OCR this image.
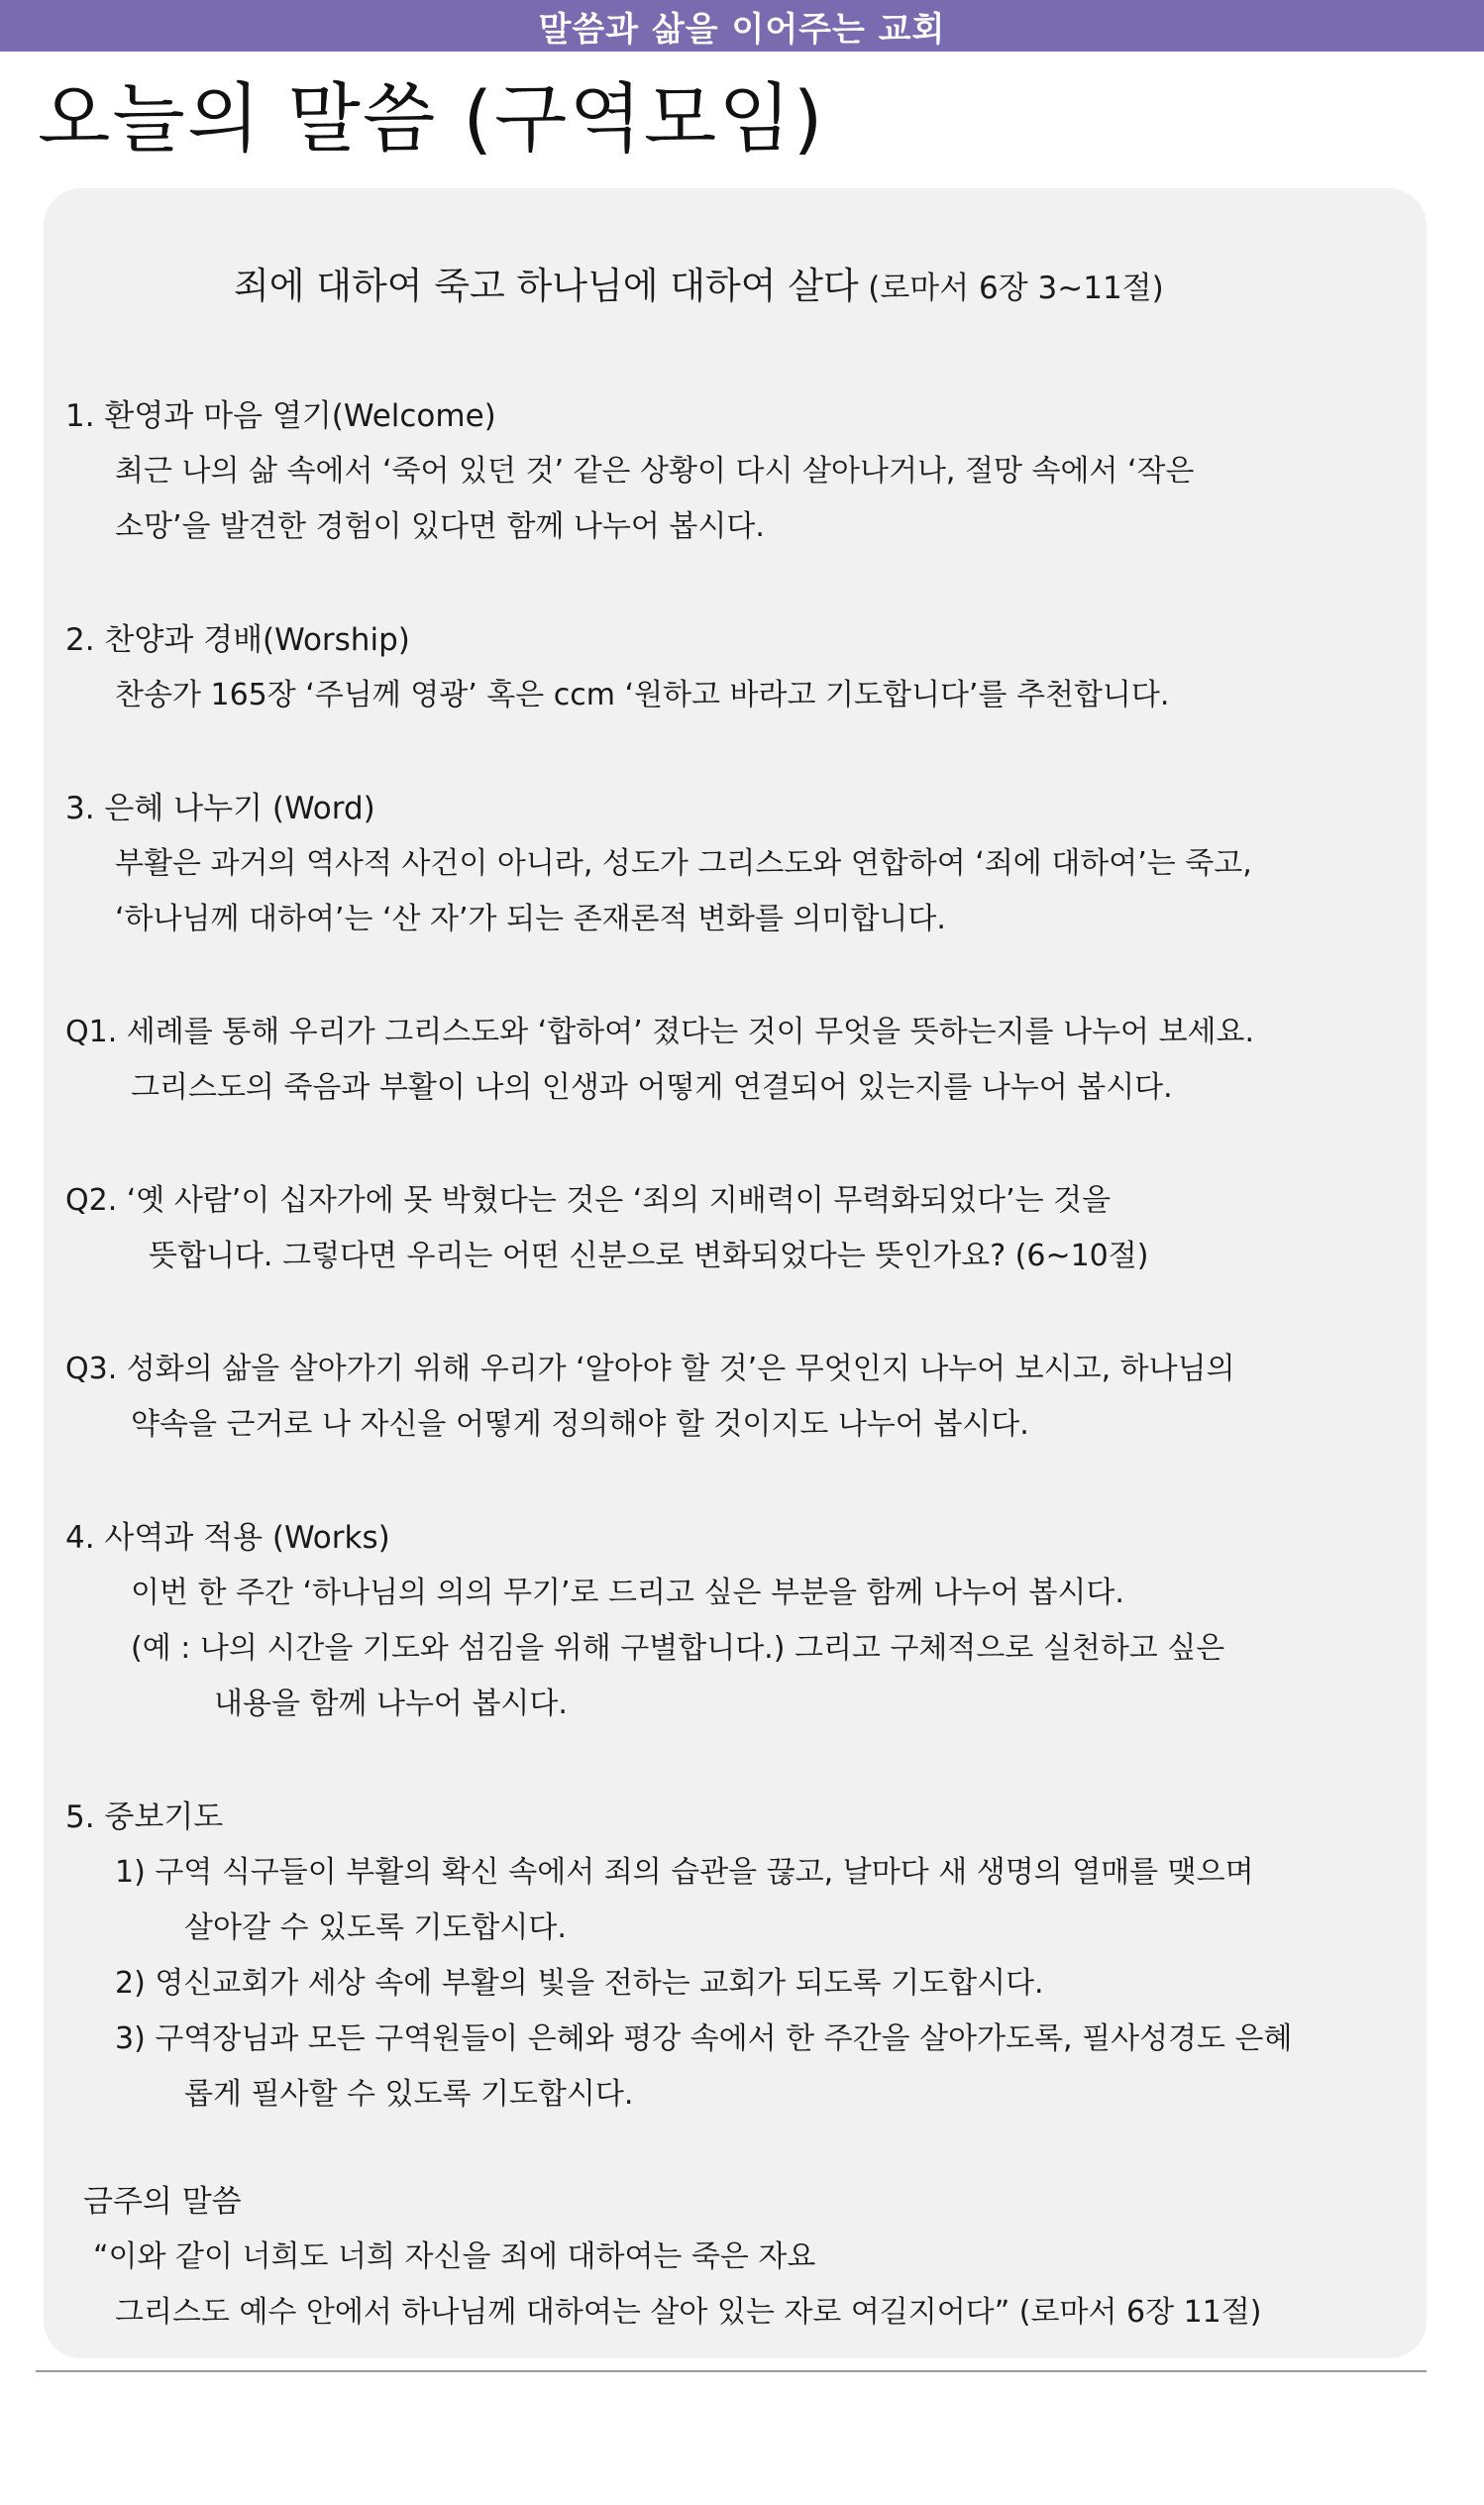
말씀과 삶을 이어주는 교회
오늘의 말씀 (구역모임)
죄에 대하여 죽고 하나님에 대하여 살다 (로마서 6장 3~11절)
1. 환영과 마음 열기(Welcome)
최근 나의 삶 속에서 ‘죽어 있던 것’ 같은 상황이 다시 살아나거나, 절망 속에서 ‘작은
소망’을 발견한 경험이 있다면 함께 나누어 봅시다.
2. 찬양과 경배(Worship)
찬송가 165장 ‘주님께 영광’ 혹은 ccm ‘원하고 바라고 기도합니다’를 추천합니다.
3. 은혜 나누기 (Word)
부활은 과거의 역사적 사건이 아니라, 성도가 그리스도와 연합하여 ‘죄에 대하여’는 죽고,
‘하나님께 대하여’는 ‘산 자’가 되는 존재론적 변화를 의미합니다.
Q1. 세례를 통해 우리가 그리스도와 ‘합하여’ 졌다는 것이 무엇을 뜻하는지를 나누어 보세요.
그리스도의 죽음과 부활이 나의 인생과 어떻게 연결되어 있는지를 나누어 봅시다.
Q2. ‘옛 사람’이 십자가에 못 박혔다는 것은 ‘죄의 지배력이 무력화되었다’는 것을
뜻합니다. 그렇다면 우리는 어떤 신분으로 변화되었다는 뜻인가요? (6~10절)
Q3. 성화의 삶을 살아가기 위해 우리가 ‘알아야 할 것’은 무엇인지 나누어 보시고, 하나님의
약속을 근거로 나 자신을 어떻게 정의해야 할 것이지도 나누어 봅시다.
4. 사역과 적용 (Works)
이번 한 주간 ‘하나님의 의의 무기’로 드리고 싶은 부분을 함께 나누어 봅시다.
(예 : 나의 시간을 기도와 섬김을 위해 구별합니다.) 그리고 구체적으로 실천하고 싶은
내용을 함께 나누어 봅시다.
5. 중보기도
1) 구역 식구들이 부활의 확신 속에서 죄의 습관을 끊고, 날마다 새 생명의 열매를 맺으며
살아갈 수 있도록 기도합시다.
2) 영신교회가 세상 속에 부활의 빛을 전하는 교회가 되도록 기도합시다.
3) 구역장님과 모든 구역원들이 은혜와 평강 속에서 한 주간을 살아가도록, 필사성경도 은혜
롭게 필사할 수 있도록 기도합시다.
금주의 말씀
“이와 같이 너희도 너희 자신을 죄에 대하여는 죽은 자요
그리스도 예수 안에서 하나님께 대하여는 살아 있는 자로 여길지어다” (로마서 6장 11절)
